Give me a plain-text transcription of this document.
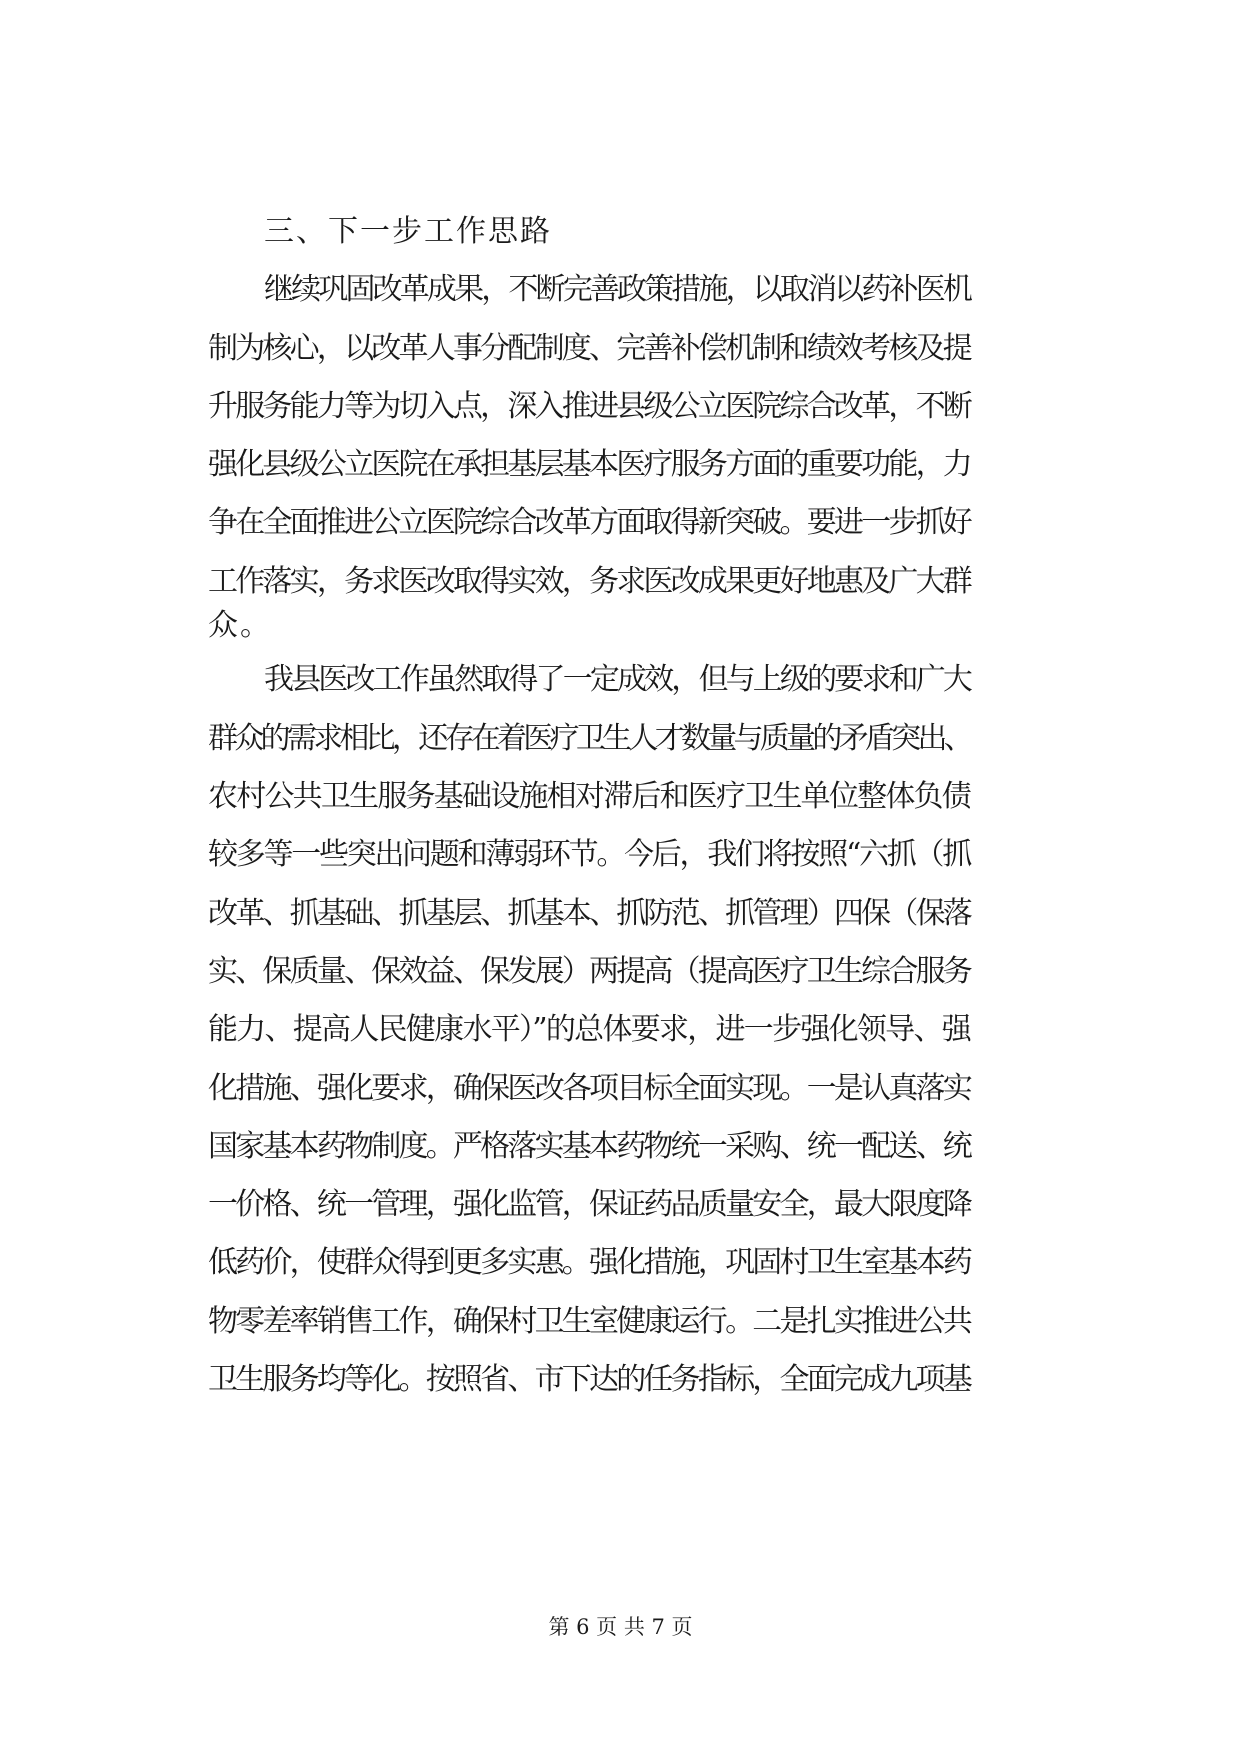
三、下一步工作思路
继续巩固改革成果，不断完善政策措施，以取消以药补医机
制为核心，以改革人事分配制度、完善补偿机制和绩效考核及提
升服务能力等为切入点，深入推进县级公立医院综合改革，不断
强化县级公立医院在承担基层基本医疗服务方面的重要功能，力
争在全面推进公立医院综合改革方面取得新突破。要进一步抓好
工作落实，务求医改取得实效，务求医改成果更好地惠及广大群
众。
我县医改工作虽然取得了一定成效，但与上级的要求和广大
群众的需求相比，还存在着医疗卫生人才数量与质量的矛盾突出、
农村公共卫生服务基础设施相对滞后和医疗卫生单位整体负债
较多等一些突出问题和薄弱环节。今后，我们将按照“六抓（抓
改革、抓基础、抓基层、抓基本、抓防范、抓管理）四保（保落
实、保质量、保效益、保发展）两提高（提高医疗卫生综合服务
能力、提高人民健康水平）”的总体要求，进一步强化领导、强
化措施、强化要求，确保医改各项目标全面实现。一是认真落实
国家基本药物制度。严格落实基本药物统一采购、统一配送、统
一价格、统一管理，强化监管，保证药品质量安全，最大限度降
低药价，使群众得到更多实惠。强化措施，巩固村卫生室基本药
物零差率销售工作，确保村卫生室健康运行。二是扎实推进公共
卫生服务均等化。按照省、市下达的任务指标，全面完成九项基
第 6 页 共 7 页
